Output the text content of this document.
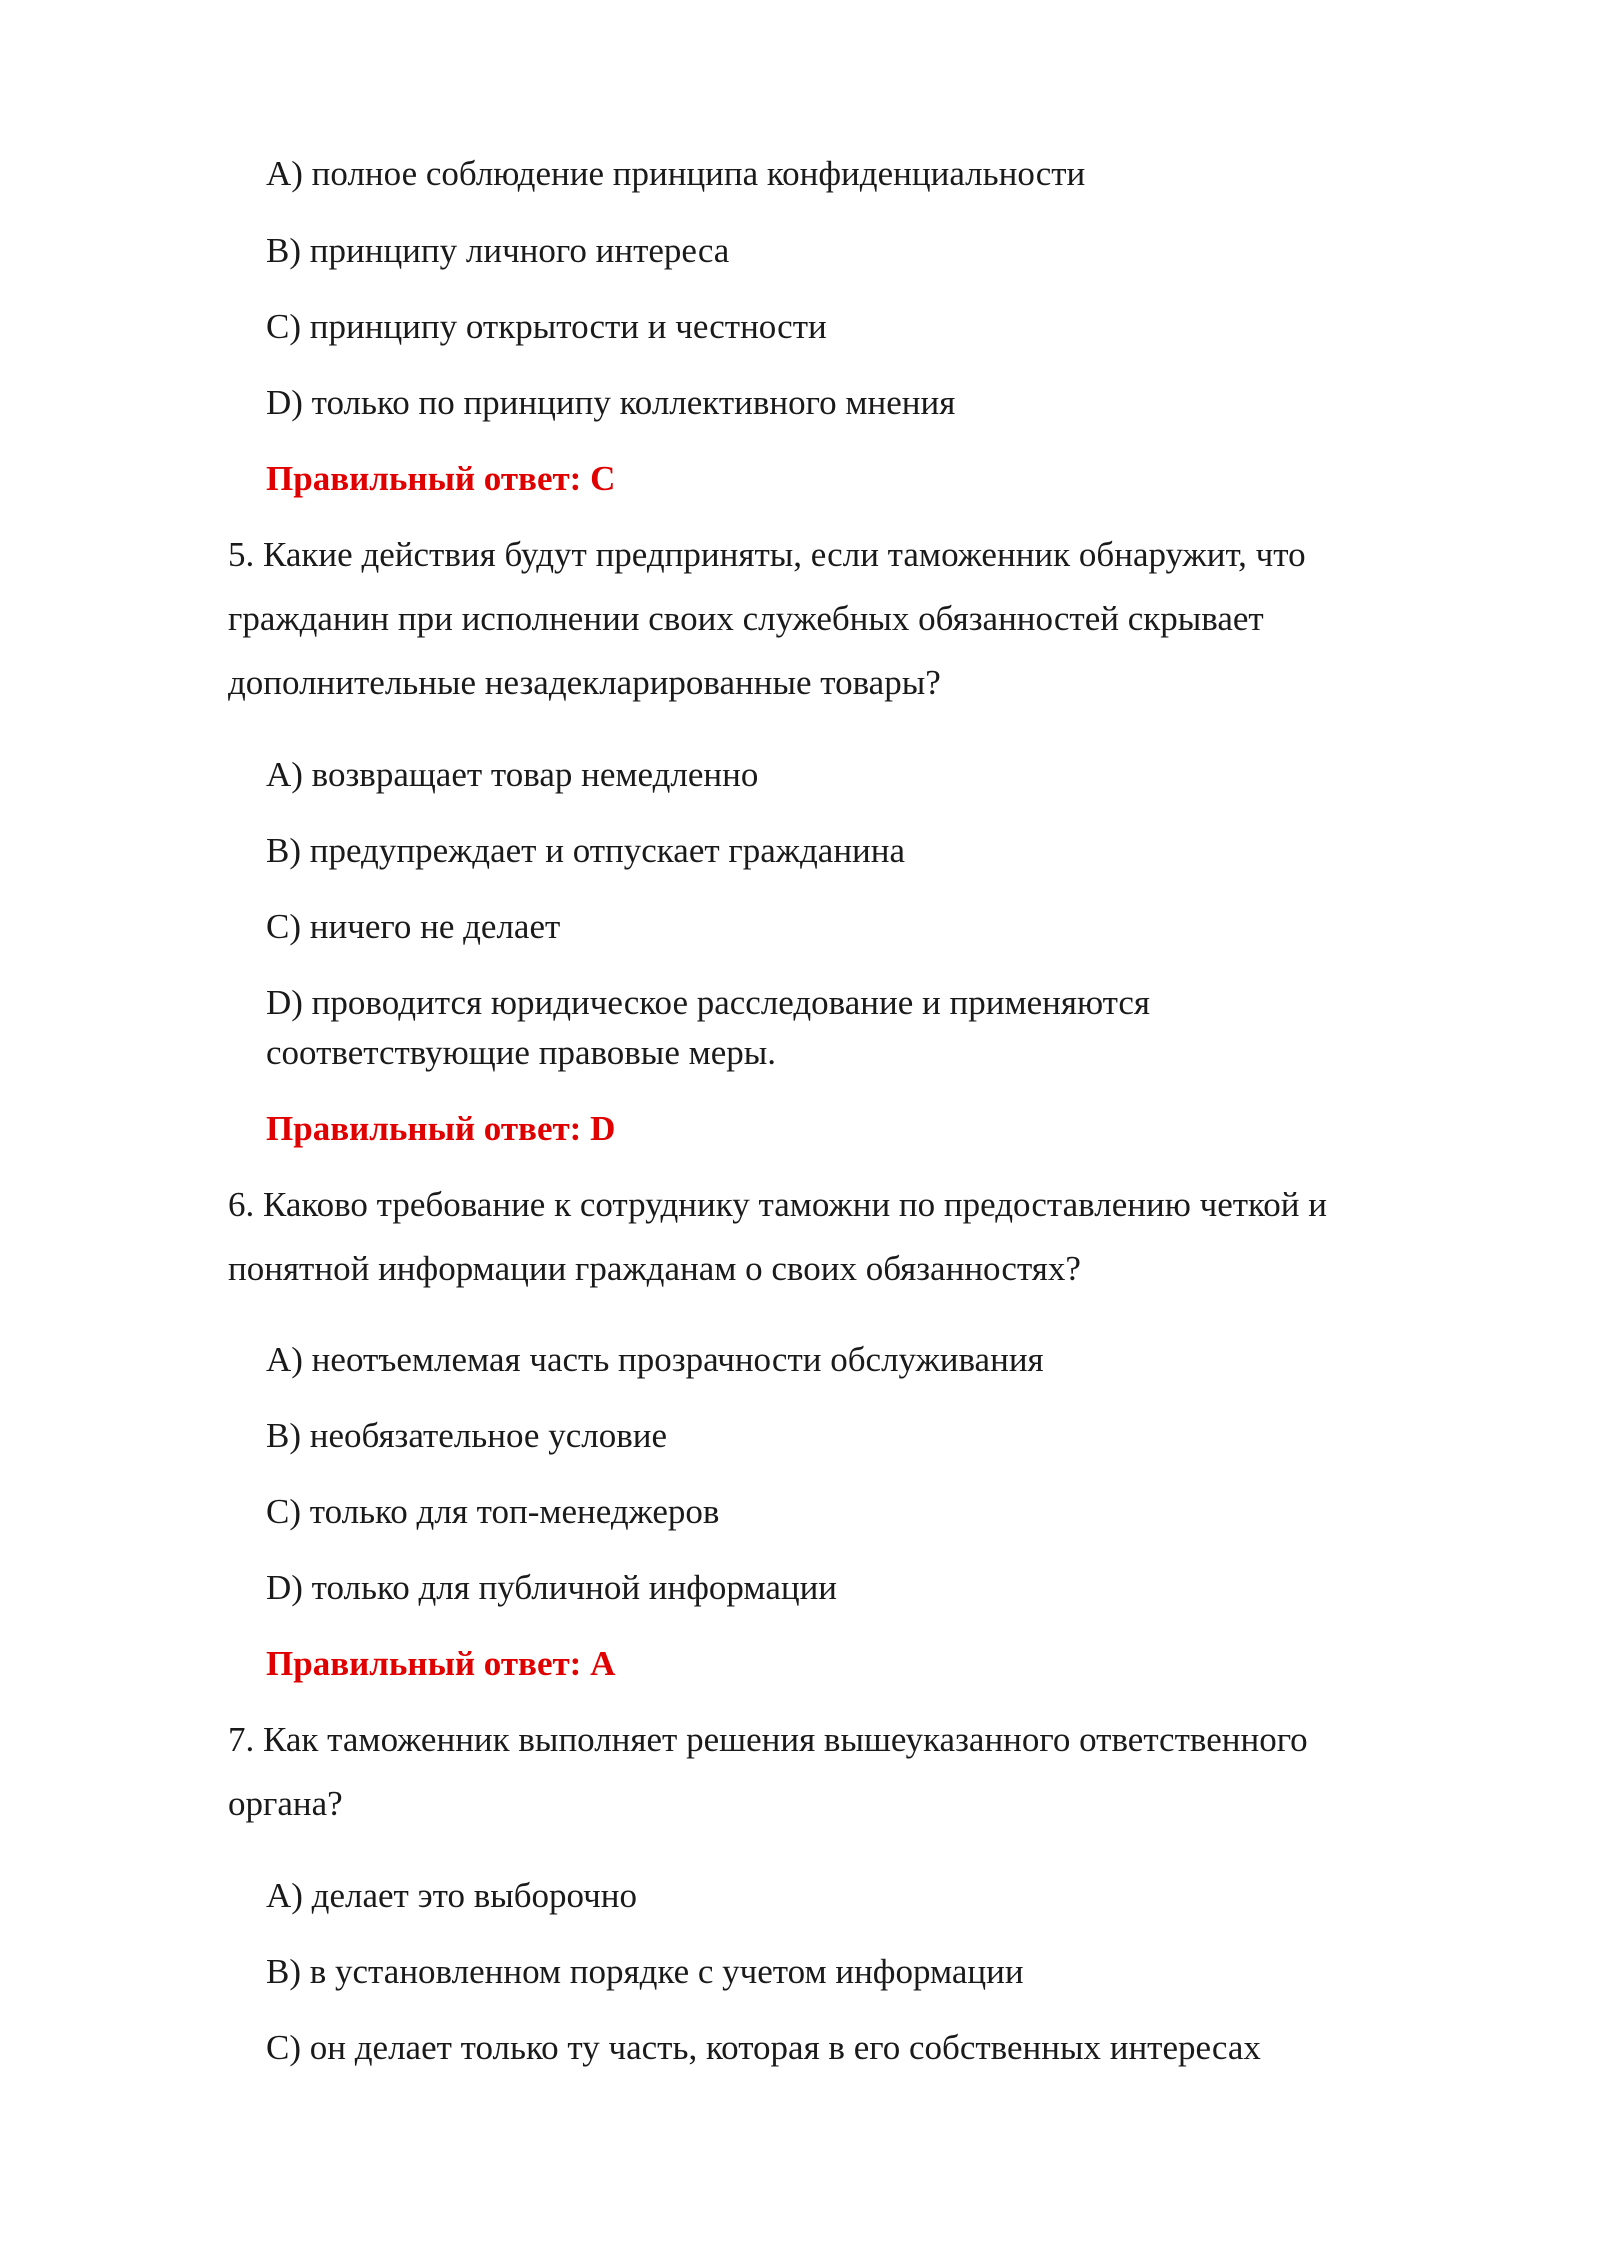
A) полное соблюдение принципа конфиденциальности
B) принципу личного интереса
C) принципу открытости и честности
D) только по принципу коллективного мнения
Правильный ответ: C
5. Какие действия будут предприняты, если таможенник обнаружит, что
гражданин при исполнении своих служебных обязанностей скрывает
дополнительные незадекларированные товары?
A) возвращает товар немедленно
B) предупреждает и отпускает гражданина
C) ничего не делает
D) проводится юридическое расследование и применяются
соответствующие правовые меры.
Правильный ответ: D
6. Каково требование к сотруднику таможни по предоставлению четкой и
понятной информации гражданам о своих обязанностях?
A) неотъемлемая часть прозрачности обслуживания
B) необязательное условие
C) только для топ-менеджеров
D) только для публичной информации
Правильный ответ: A
7. Как таможенник выполняет решения вышеуказанного ответственного
органа?
A) делает это выборочно
B) в установленном порядке с учетом информации
C) он делает только ту часть, которая в его собственных интересах
